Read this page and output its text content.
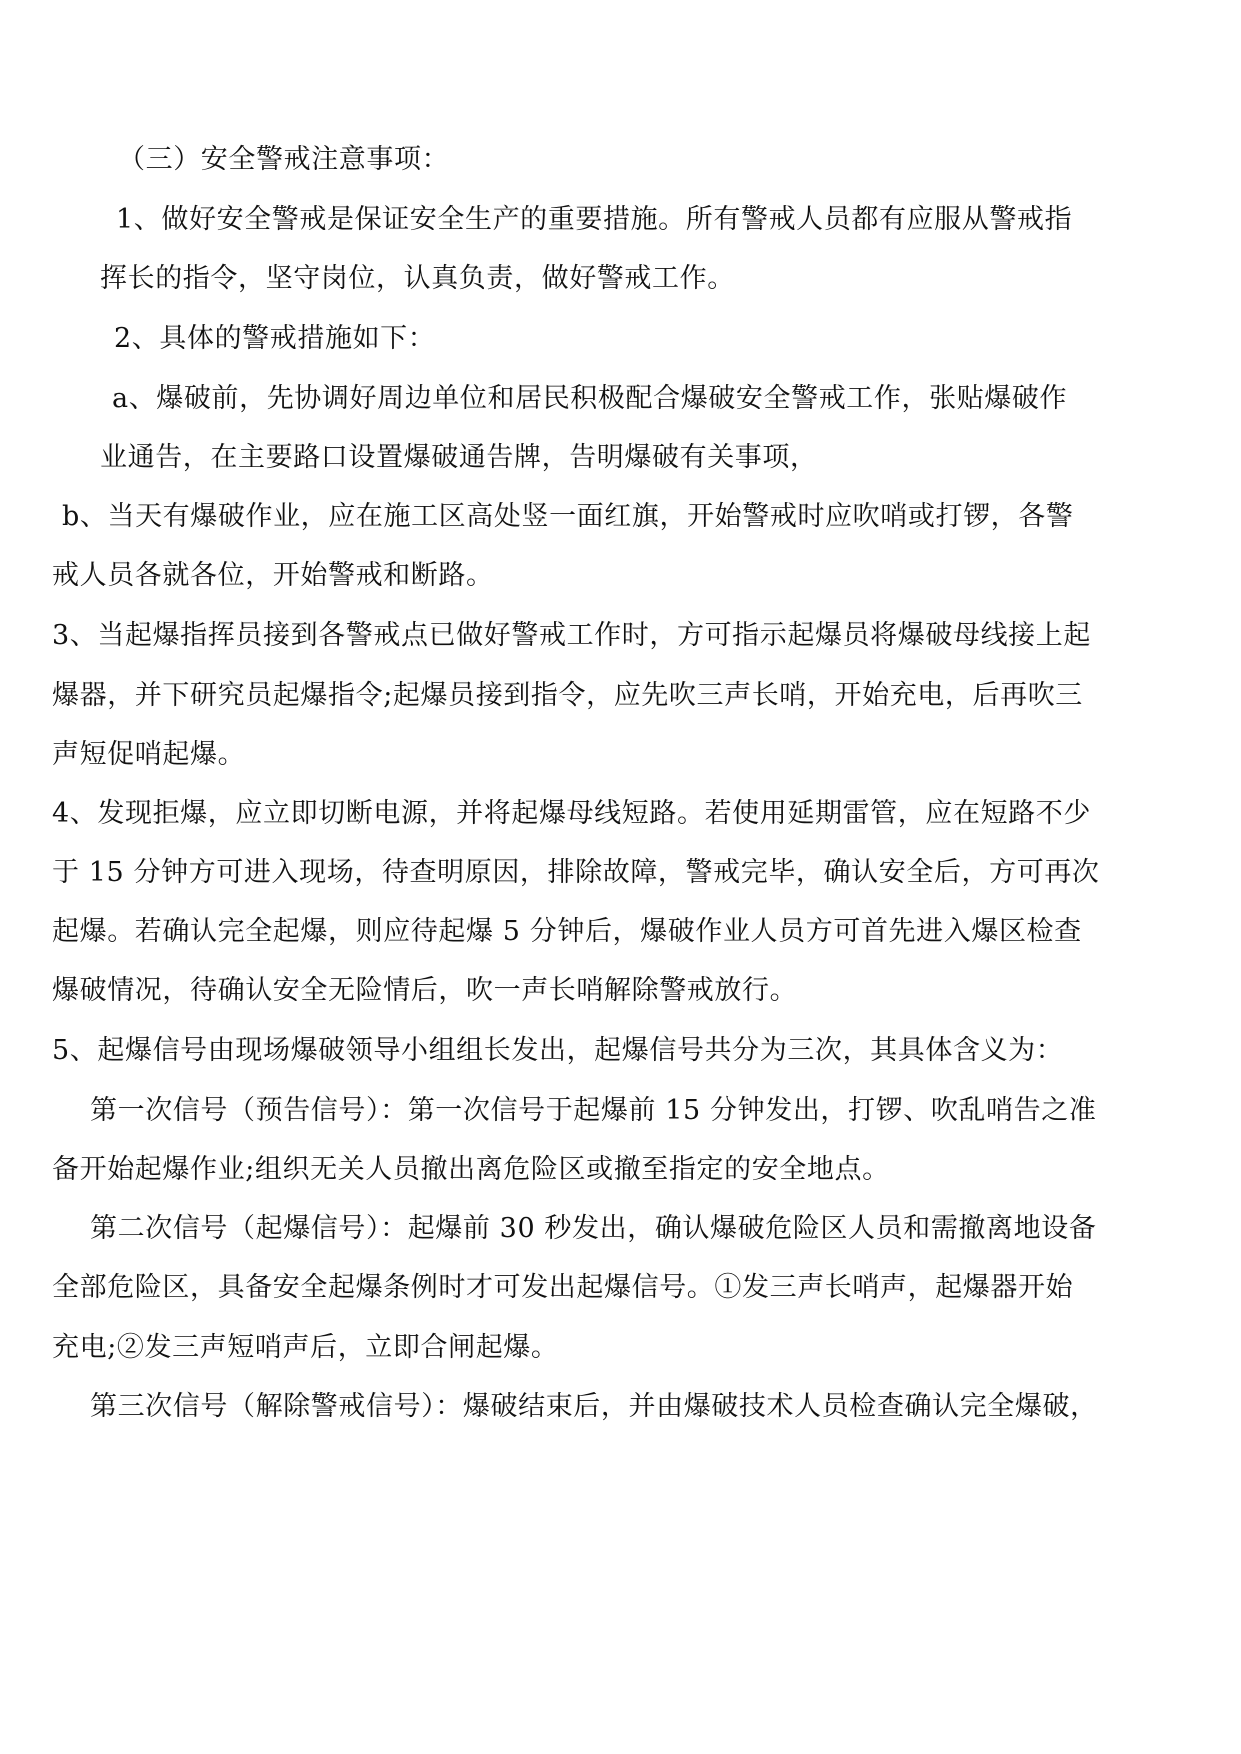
（三）安全警戒注意事项：
1、做好安全警戒是保证安全生产的重要措施。所有警戒人员都有应服从警戒指
挥长的指令，坚守岗位，认真负责，做好警戒工作。
2、具体的警戒措施如下：
a、爆破前，先协调好周边单位和居民积极配合爆破安全警戒工作，张贴爆破作
业通告，在主要路口设置爆破通告牌，告明爆破有关事项，
b、当天有爆破作业，应在施工区高处竖一面红旗，开始警戒时应吹哨或打锣，各警
戒人员各就各位，开始警戒和断路。
3、当起爆指挥员接到各警戒点已做好警戒工作时，方可指示起爆员将爆破母线接上起
爆器，并下研究员起爆指令;起爆员接到指令，应先吹三声长哨，开始充电，后再吹三
声短促哨起爆。
4、发现拒爆，应立即切断电源，并将起爆母线短路。若使用延期雷管，应在短路不少
于 15 分钟方可进入现场，待查明原因，排除故障，警戒完毕，确认安全后，方可再次
起爆。若确认完全起爆，则应待起爆 5 分钟后，爆破作业人员方可首先进入爆区检查
爆破情况，待确认安全无险情后，吹一声长哨解除警戒放行。
5、起爆信号由现场爆破领导小组组长发出，起爆信号共分为三次，其具体含义为：
第一次信号（预告信号）：第一次信号于起爆前 15 分钟发出，打锣、吹乱哨告之准
备开始起爆作业;组织无关人员撤出离危险区或撤至指定的安全地点。
第二次信号（起爆信号）：起爆前 30 秒发出，确认爆破危险区人员和需撤离地设备
全部危险区，具备安全起爆条例时才可发出起爆信号。①发三声长哨声，起爆器开始
充电;②发三声短哨声后，立即合闸起爆。
第三次信号（解除警戒信号）：爆破结束后，并由爆破技术人员检查确认完全爆破，
